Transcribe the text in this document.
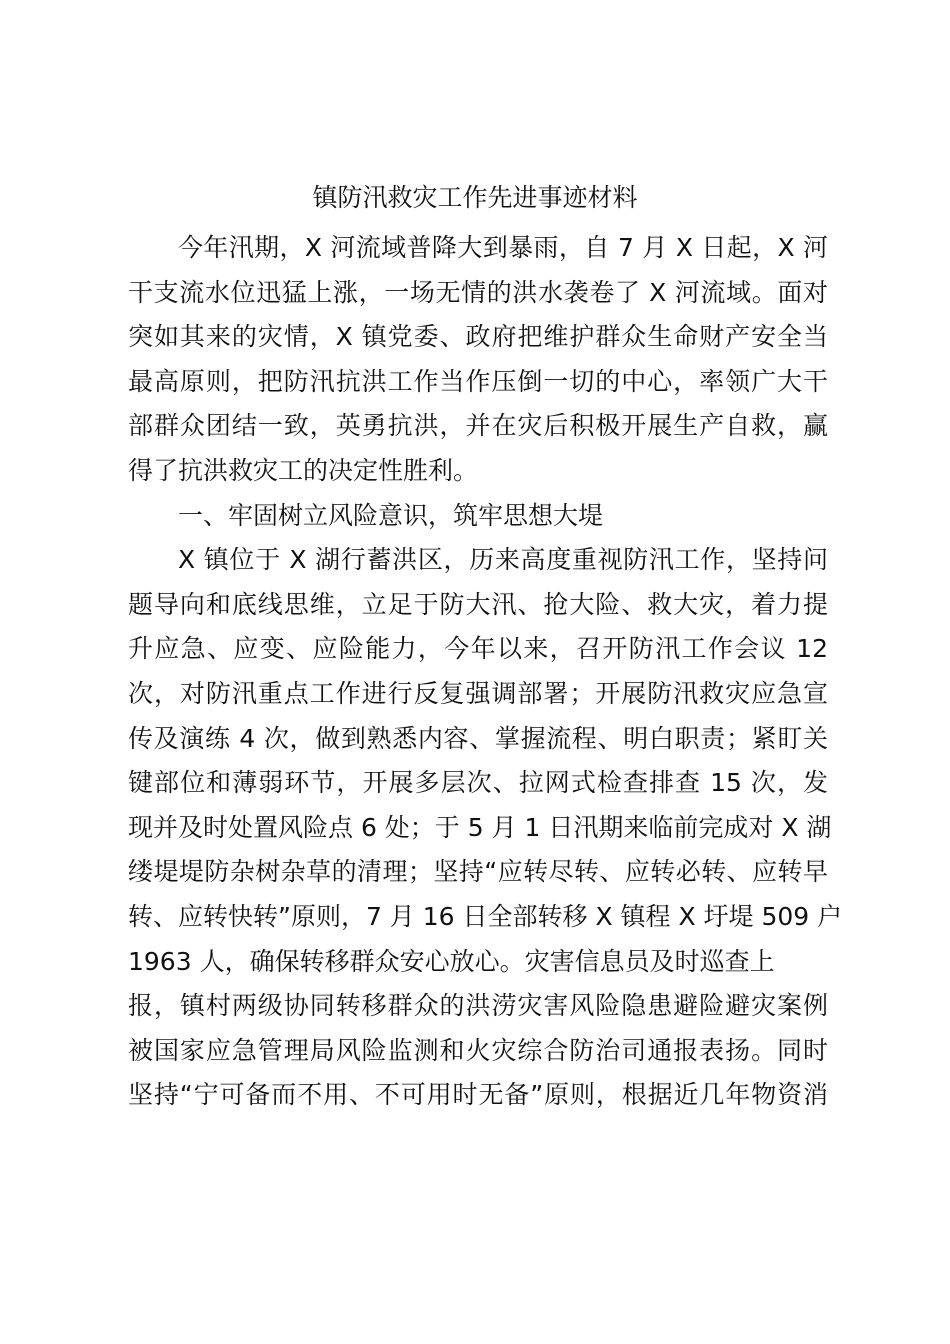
镇防汛救灾工作先进事迹材料
今年汛期，X 河流域普降大到暴雨，自 7 月 X 日起，X 河
干支流水位迅猛上涨，一场无情的洪水袭卷了 X 河流域。面对
突如其来的灾情，X 镇党委、政府把维护群众生命财产安全当
最高原则，把防汛抗洪工作当作压倒一切的中心，率领广大干
部群众团结一致，英勇抗洪，并在灾后积极开展生产自救，赢
得了抗洪救灾工的决定性胜利。
一、牢固树立风险意识，筑牢思想大堤
X 镇位于 X 湖行蓄洪区，历来高度重视防汛工作，坚持问
题导向和底线思维，立足于防大汛、抢大险、救大灾，着力提
升应急、应变、应险能力，今年以来，召开防汛工作会议 12
次，对防汛重点工作进行反复强调部署；开展防汛救灾应急宣
传及演练 4 次，做到熟悉内容、掌握流程、明白职责；紧盯关
键部位和薄弱环节，开展多层次、拉网式检查排查 15 次，发
现并及时处置风险点 6 处；于 5 月 1 日汛期来临前完成对 X 湖
缕堤堤防杂树杂草的清理；坚持“应转尽转、应转必转、应转早
转、应转快转”原则，7 月 16 日全部转移 X 镇程 X 圩堤 509 户
1963 人，确保转移群众安心放心。灾害信息员及时巡查上
报，镇村两级协同转移群众的洪涝灾害风险隐患避险避灾案例
被国家应急管理局风险监测和火灾综合防治司通报表扬。同时
坚持“宁可备而不用、不可用时无备”原则，根据近几年物资消
